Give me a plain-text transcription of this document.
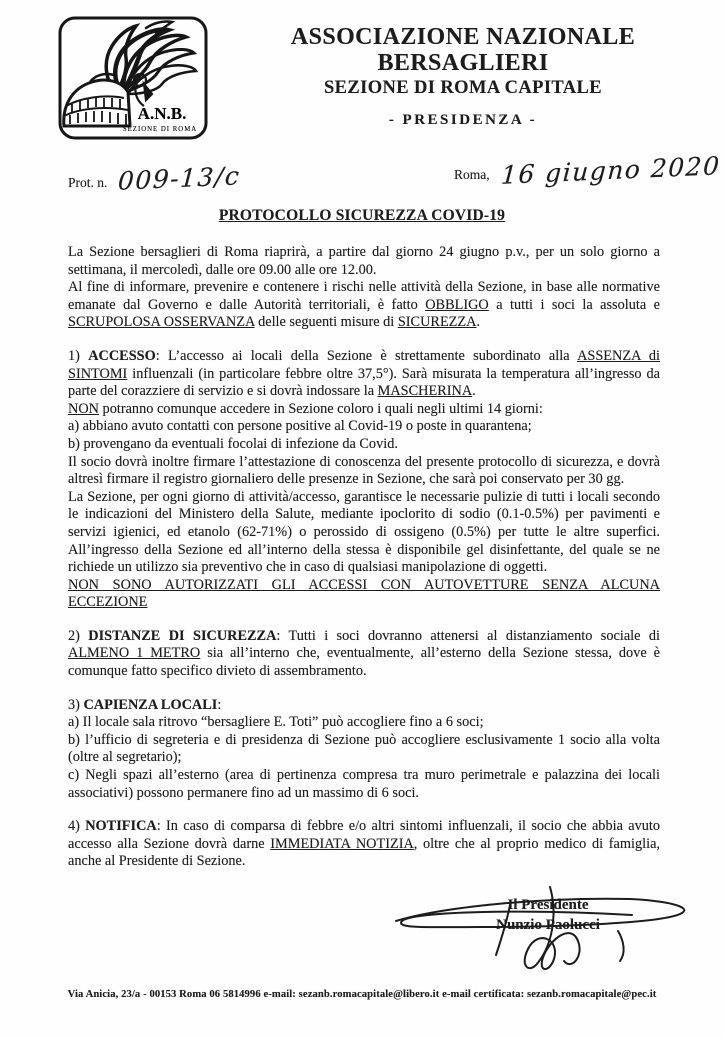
A.N.B.
SEZIONE DI ROMA
ASSOCIAZIONE NAZIONALE BERSAGLIERI
SEZIONE DI ROMA CAPITALE
- PRESIDENZA -
Prot. n. 009-13/c	Roma, 16 giugno 2020
PROTOCOLLO SICUREZZA COVID-19

La Sezione bersaglieri di Roma riaprirà, a partire dal giorno 24 giugno p.v., per un solo giorno a settimana, il mercoledì, dalle ore 09.00 alle ore 12.00.

Al fine di informare, prevenire e contenere i rischi nelle attività della Sezione, in base alle normative emanate dal Governo e dalle Autorità territoriali, è fatto OBBLIGO a tutti i soci la assoluta e SCRUPOLOSA OSSERVANZA delle seguenti misure di SICUREZZA.

1) ACCESSO: L’accesso ai locali della Sezione è strettamente subordinato alla ASSENZA di SINTOMI influenzali (in particolare febbre oltre 37,5°). Sarà misurata la temperatura all’ingresso da parte del corazziere di servizio e si dovrà indossare la MASCHERINA.

NON potranno comunque accedere in Sezione coloro i quali negli ultimi 14 giorni:

a) abbiano avuto contatti con persone positive al Covid-19 o poste in quarantena;

b) provengano da eventuali focolai di infezione da Covid.

Il socio dovrà inoltre firmare l’attestazione di conoscenza del presente protocollo di sicurezza, e dovrà altresì firmare il registro giornaliero delle presenze in Sezione, che sarà poi conservato per 30 gg.

La Sezione, per ogni giorno di attività/accesso, garantisce le necessarie pulizie di tutti i locali secondo le indicazioni del Ministero della Salute, mediante ipoclorito di sodio (0.1-0.5%) per pavimenti e servizi igienici, ed etanolo (62-71%) o perossido di ossigeno (0.5%) per tutte le altre superfici. All’ingresso della Sezione ed all’interno della stessa è disponibile gel disinfettante, del quale se ne richiede un utilizzo sia preventivo che in caso di qualsiasi manipolazione di oggetti.

NON SONO AUTORIZZATI GLI ACCESSI CON AUTOVETTURE SENZA ALCUNA ECCEZIONE

2) DISTANZE DI SICUREZZA: Tutti i soci dovranno attenersi al distanziamento sociale di ALMENO 1 METRO sia all’interno che, eventualmente, all’esterno della Sezione stessa, dove è comunque fatto specifico divieto di assembramento.

3) CAPIENZA LOCALI:

a) Il locale sala ritrovo “bersagliere E. Toti” può accogliere fino a 6 soci;

b) l’ufficio di segreteria e di presidenza di Sezione può accogliere esclusivamente 1 socio alla volta (oltre al segretario);

c) Negli spazi all’esterno (area di pertinenza compresa tra muro perimetrale e palazzina dei locali associativi) possono permanere fino ad un massimo di 6 soci.

4) NOTIFICA: In caso di comparsa di febbre e/o altri sintomi influenzali, il socio che abbia avuto accesso alla Sezione dovrà darne IMMEDIATA NOTIZIA, oltre che al proprio medico di famiglia, anche al Presidente di Sezione.

Il Presidente
Nunzio Paolucci
Via Anicia, 23/a - 00153 Roma 06 5814996 e-mail: sezanb.romacapitale@libero.it e-mail certificata: sezanb.romacapitale@pec.it
